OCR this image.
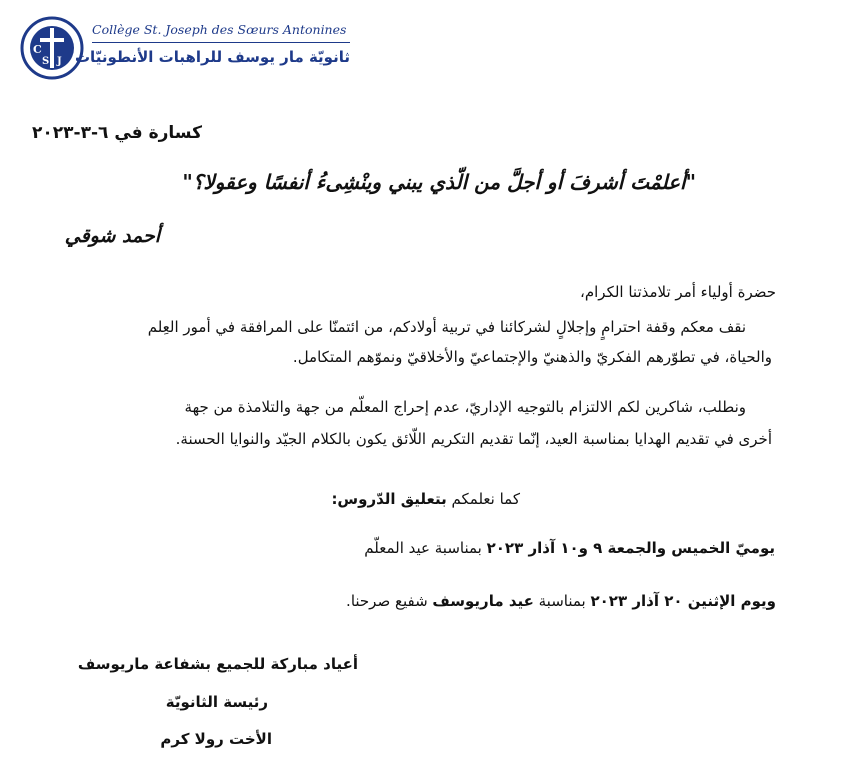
C
S J
Collège St. Joseph des Sœurs Antonines
ثانويّة مار يوسف للراهبات الأنطونيّات
كسارة في ٦-٣-٢٠٢٣
"أعلمْتَ أشرفَ أو أجلَّ من الّذي يبني وينْشِىءُ أنفسًا وعقولا؟"
أحمد شوقي
حضرة أولياء أمر تلامذتنا الكرام،
نقف معكم وقفة احترامٍ وإجلالٍ لشركائنا في تربية أولادكم، من ائتمنّا على المرافقة في أمور العِلم
والحياة، في تطوّرهم الفكريّ والذهنيّ والإجتماعيّ والأخلاقيّ ونموّهم المتكامل.
ونطلب، شاكرين لكم الالتزام بالتوجيه الإداريّ، عدم إحراج المعلّم من جهة والتلامذة من جهة
أخرى في تقديم الهدايا بمناسبة العيد، إنّما تقديم التكريم اللّائق يكون بالكلام الجيّد والنوايا الحسنة.
كما نعلمكم بتعليق الدّروس:
يوميّ الخميس والجمعة ٩ و١٠ آذار ٢٠٢٣ بمناسبة عيد المعلّم
ويوم الإثنين ٢٠ آذار ٢٠٢٣ بمناسبة عيد ماريوسف شفيع صرحنا.
أعياد مباركة للجميع بشفاعة ماريوسف
رئيسة الثانويّة
الأخت رولا كرم
